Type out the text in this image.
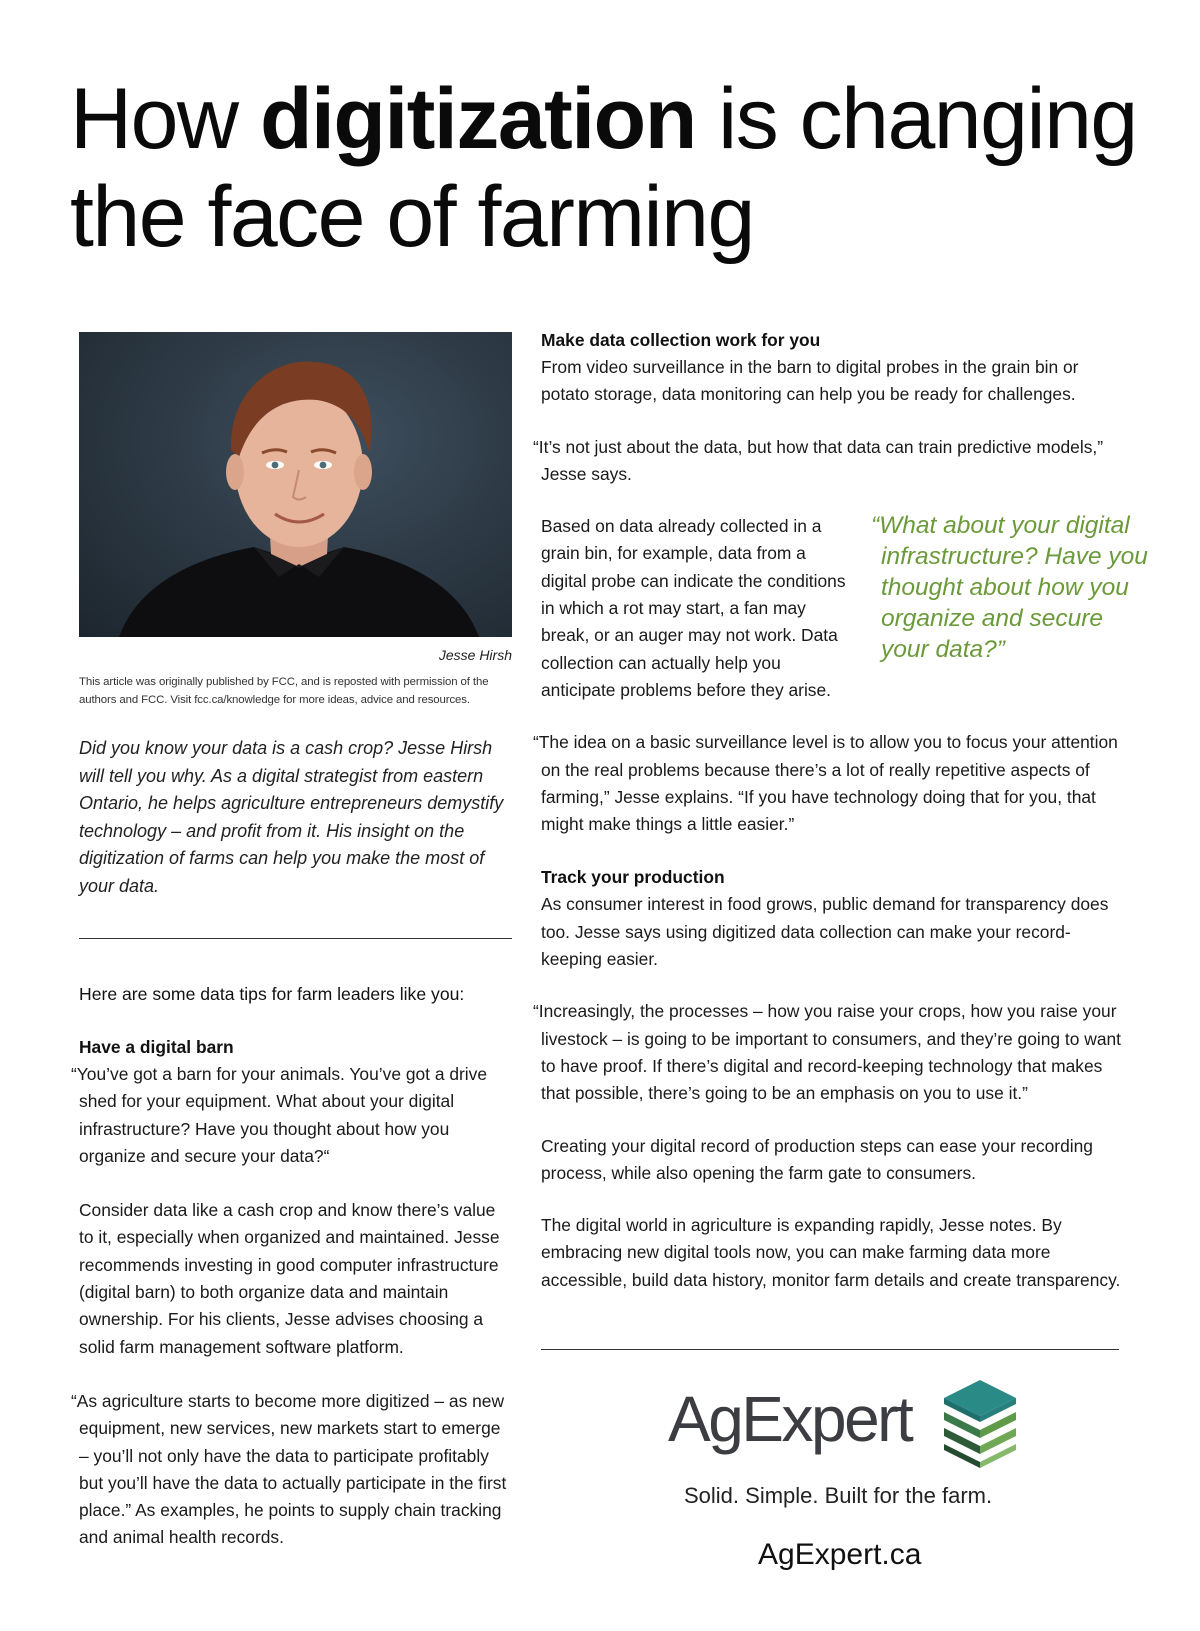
How digitization is changing the face of farming
Jesse Hirsh
This article was originally published by FCC, and is reposted with permission of the authors and FCC. Visit fcc.ca/knowledge for more ideas, advice and resources.

Did you know your data is a cash crop? Jesse Hirsh will tell you why. As a digital strategist from eastern Ontario, he helps agriculture entrepreneurs demystify technology – and profit from it. His insight on the digitization of farms can help you make the most of your data.

Here are some data tips for farm leaders like you:

Have a digital barn

“You’ve got a barn for your animals. You’ve got a drive shed for your equipment. What about your digital infrastructure? Have you thought about how you organize and secure your data?“

Consider data like a cash crop and know there’s value to it, especially when organized and maintained. Jesse recommends investing in good computer infrastructure (digital barn) to both organize data and maintain ownership. For his clients, Jesse advises choosing a solid farm management software platform.

“As agriculture starts to become more digitized – as new equipment, new services, new markets start to emerge – you’ll not only have the data to participate profitably but you’ll have the data to actually participate in the first place.” As examples, he points to supply chain tracking and animal health records.

Make data collection work for you

From video surveillance in the barn to digital probes in the grain bin or potato storage, data monitoring can help you be ready for challenges.

“It’s not just about the data, but how that data can train predictive models,” Jesse says.

Based on data already collected in a grain bin, for example, data from a digital probe can indicate the conditions in which a rot may start, a fan may break, or an auger may not work. Data collection can actually help you anticipate problems before they arise.

“What about your digital infrastructure? Have you thought about how you organize and secure your data?”

“The idea on a basic surveillance level is to allow you to focus your attention on the real problems because there’s a lot of really repetitive aspects of farming,” Jesse explains. “If you have technology doing that for you, that might make things a little easier.”

Track your production

As consumer interest in food grows, public demand for transparency does too. Jesse says using digitized data collection can make your record-keeping easier.

“Increasingly, the processes – how you raise your crops, how you raise your livestock – is going to be important to consumers, and they’re going to want to have proof. If there’s digital and record-keeping technology that makes that possible, there’s going to be an emphasis on you to use it.”

Creating your digital record of production steps can ease your recording process, while also opening the farm gate to consumers.

The digital world in agriculture is expanding rapidly, Jesse notes. By embracing new digital tools now, you can make farming data more accessible, build data history, monitor farm details and create transparency.

AgExpert
Solid. Simple. Built for the farm.
AgExpert.ca
